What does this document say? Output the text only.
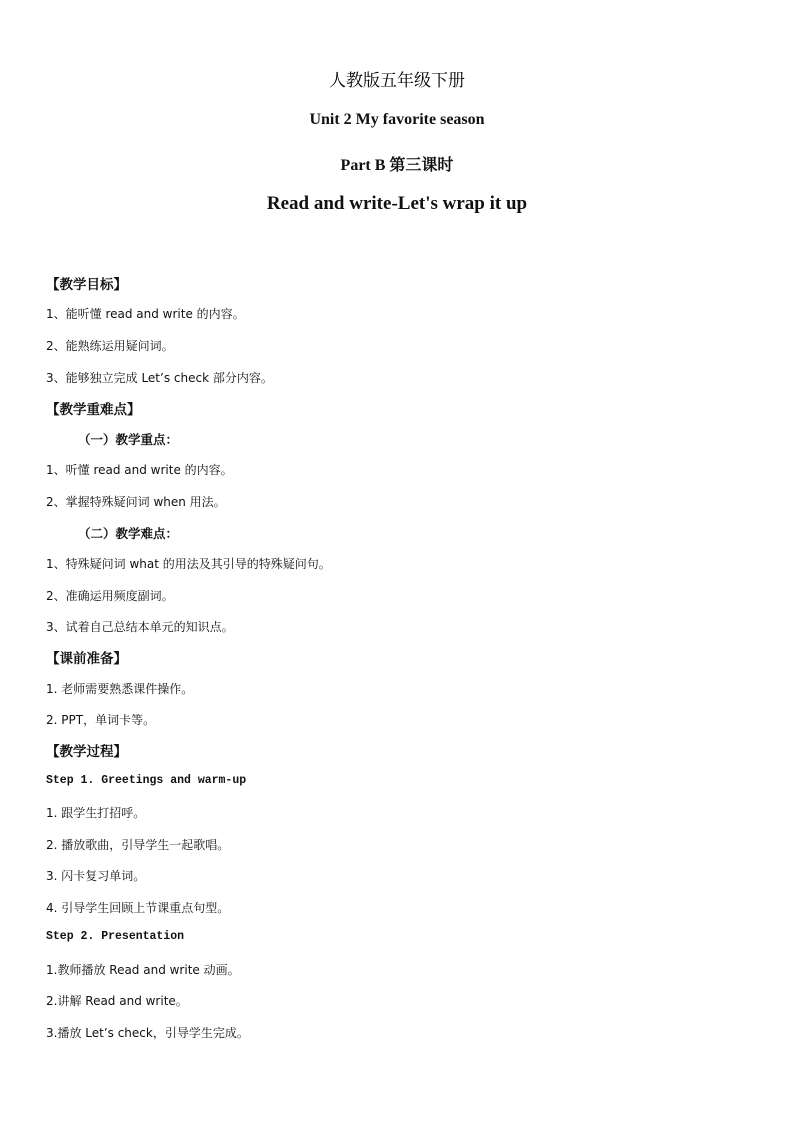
人教版五年级下册
Unit 2 My favorite season
Part B 第三课时
Read and write-Let's wrap it up
【教学目标】
1、能听懂 read and write 的内容。
2、能熟练运用疑问词。
3、能够独立完成 Let’s check 部分内容。
【教学重难点】
（一）教学重点：
1、听懂 read and write 的内容。
2、掌握特殊疑问词 when 用法。
（二）教学难点：
1、特殊疑问词 what 的用法及其引导的特殊疑问句。
2、准确运用频度副词。
3、试着自己总结本单元的知识点。
【课前准备】
1. 老师需要熟悉课件操作。
2. PPT，单词卡等。
【教学过程】
Step 1. Greetings and warm-up
1. 跟学生打招呼。
2. 播放歌曲，引导学生一起歌唱。
3. 闪卡复习单词。
4. 引导学生回顾上节课重点句型。
Step 2. Presentation
1.教师播放 Read and write 动画。
2.讲解 Read and write。
3.播放 Let’s check，引导学生完成。
